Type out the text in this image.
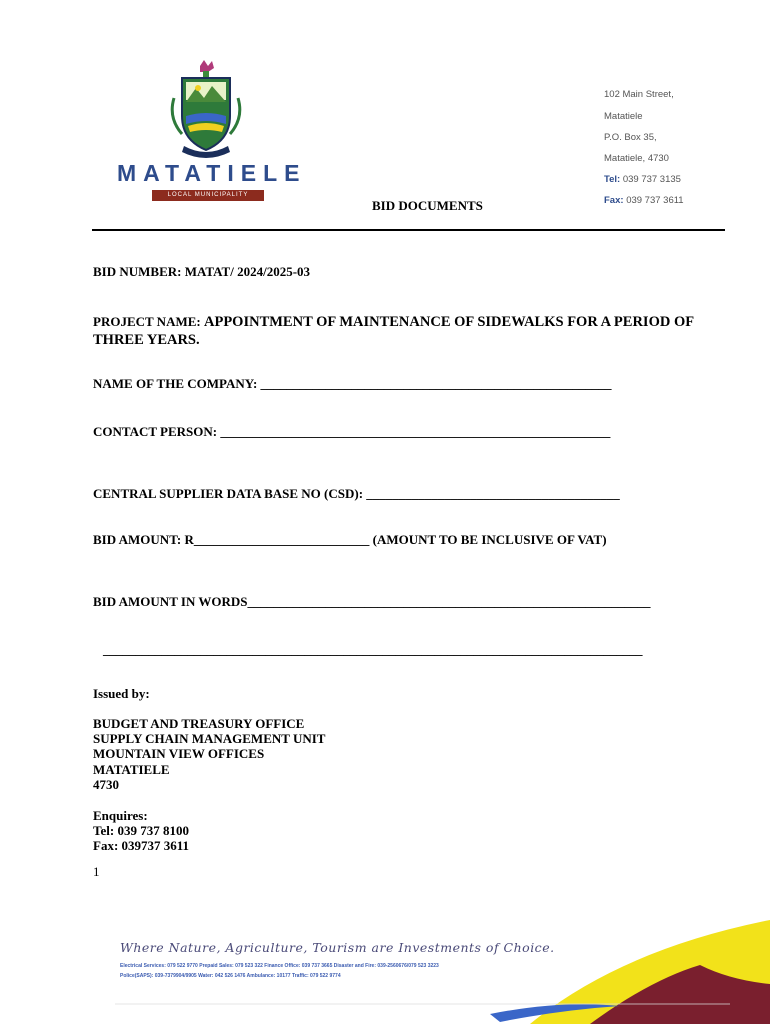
MATATIELE
LOCAL MUNICIPALITY
102 Main Street,
Matatiele
P.O. Box 35,
Matatiele, 4730
Tel: 039 737 3135
Fax: 039 737 3611
BID DOCUMENTS
BID NUMBER: MATAT/ 2024/2025-03
PROJECT NAME: APPOINTMENT OF MAINTENANCE OF SIDEWALKS FOR A PERIOD OF THREE YEARS.
NAME OF THE COMPANY: ______________________________________________________
CONTACT PERSON: ____________________________________________________________
CENTRAL SUPPLIER DATA BASE NO (CSD): _______________________________________
BID AMOUNT: R___________________________ (AMOUNT TO BE INCLUSIVE OF VAT)
BID AMOUNT IN WORDS______________________________________________________________
___________________________________________________________________________________
Issued by:
BUDGET AND TREASURY OFFICE
SUPPLY CHAIN MANAGEMENT UNIT
MOUNTAIN VIEW OFFICES
MATATIELE
4730
Enquires:
Tel: 039 737 8100
Fax: 039737 3611
1
Where Nature, Agriculture, Tourism are Investments of Choice.
Electrical Services: 079 522 9770 Prepaid Sales: 079 523 322 Finance Office: 039 737 3665 Disaster and Fire: 039-2560676/079 523 3223
Police(SAPS): 039-7379904/9905 Water: 042 526 1476 Ambulance: 10177 Traffic: 079 522 9774
